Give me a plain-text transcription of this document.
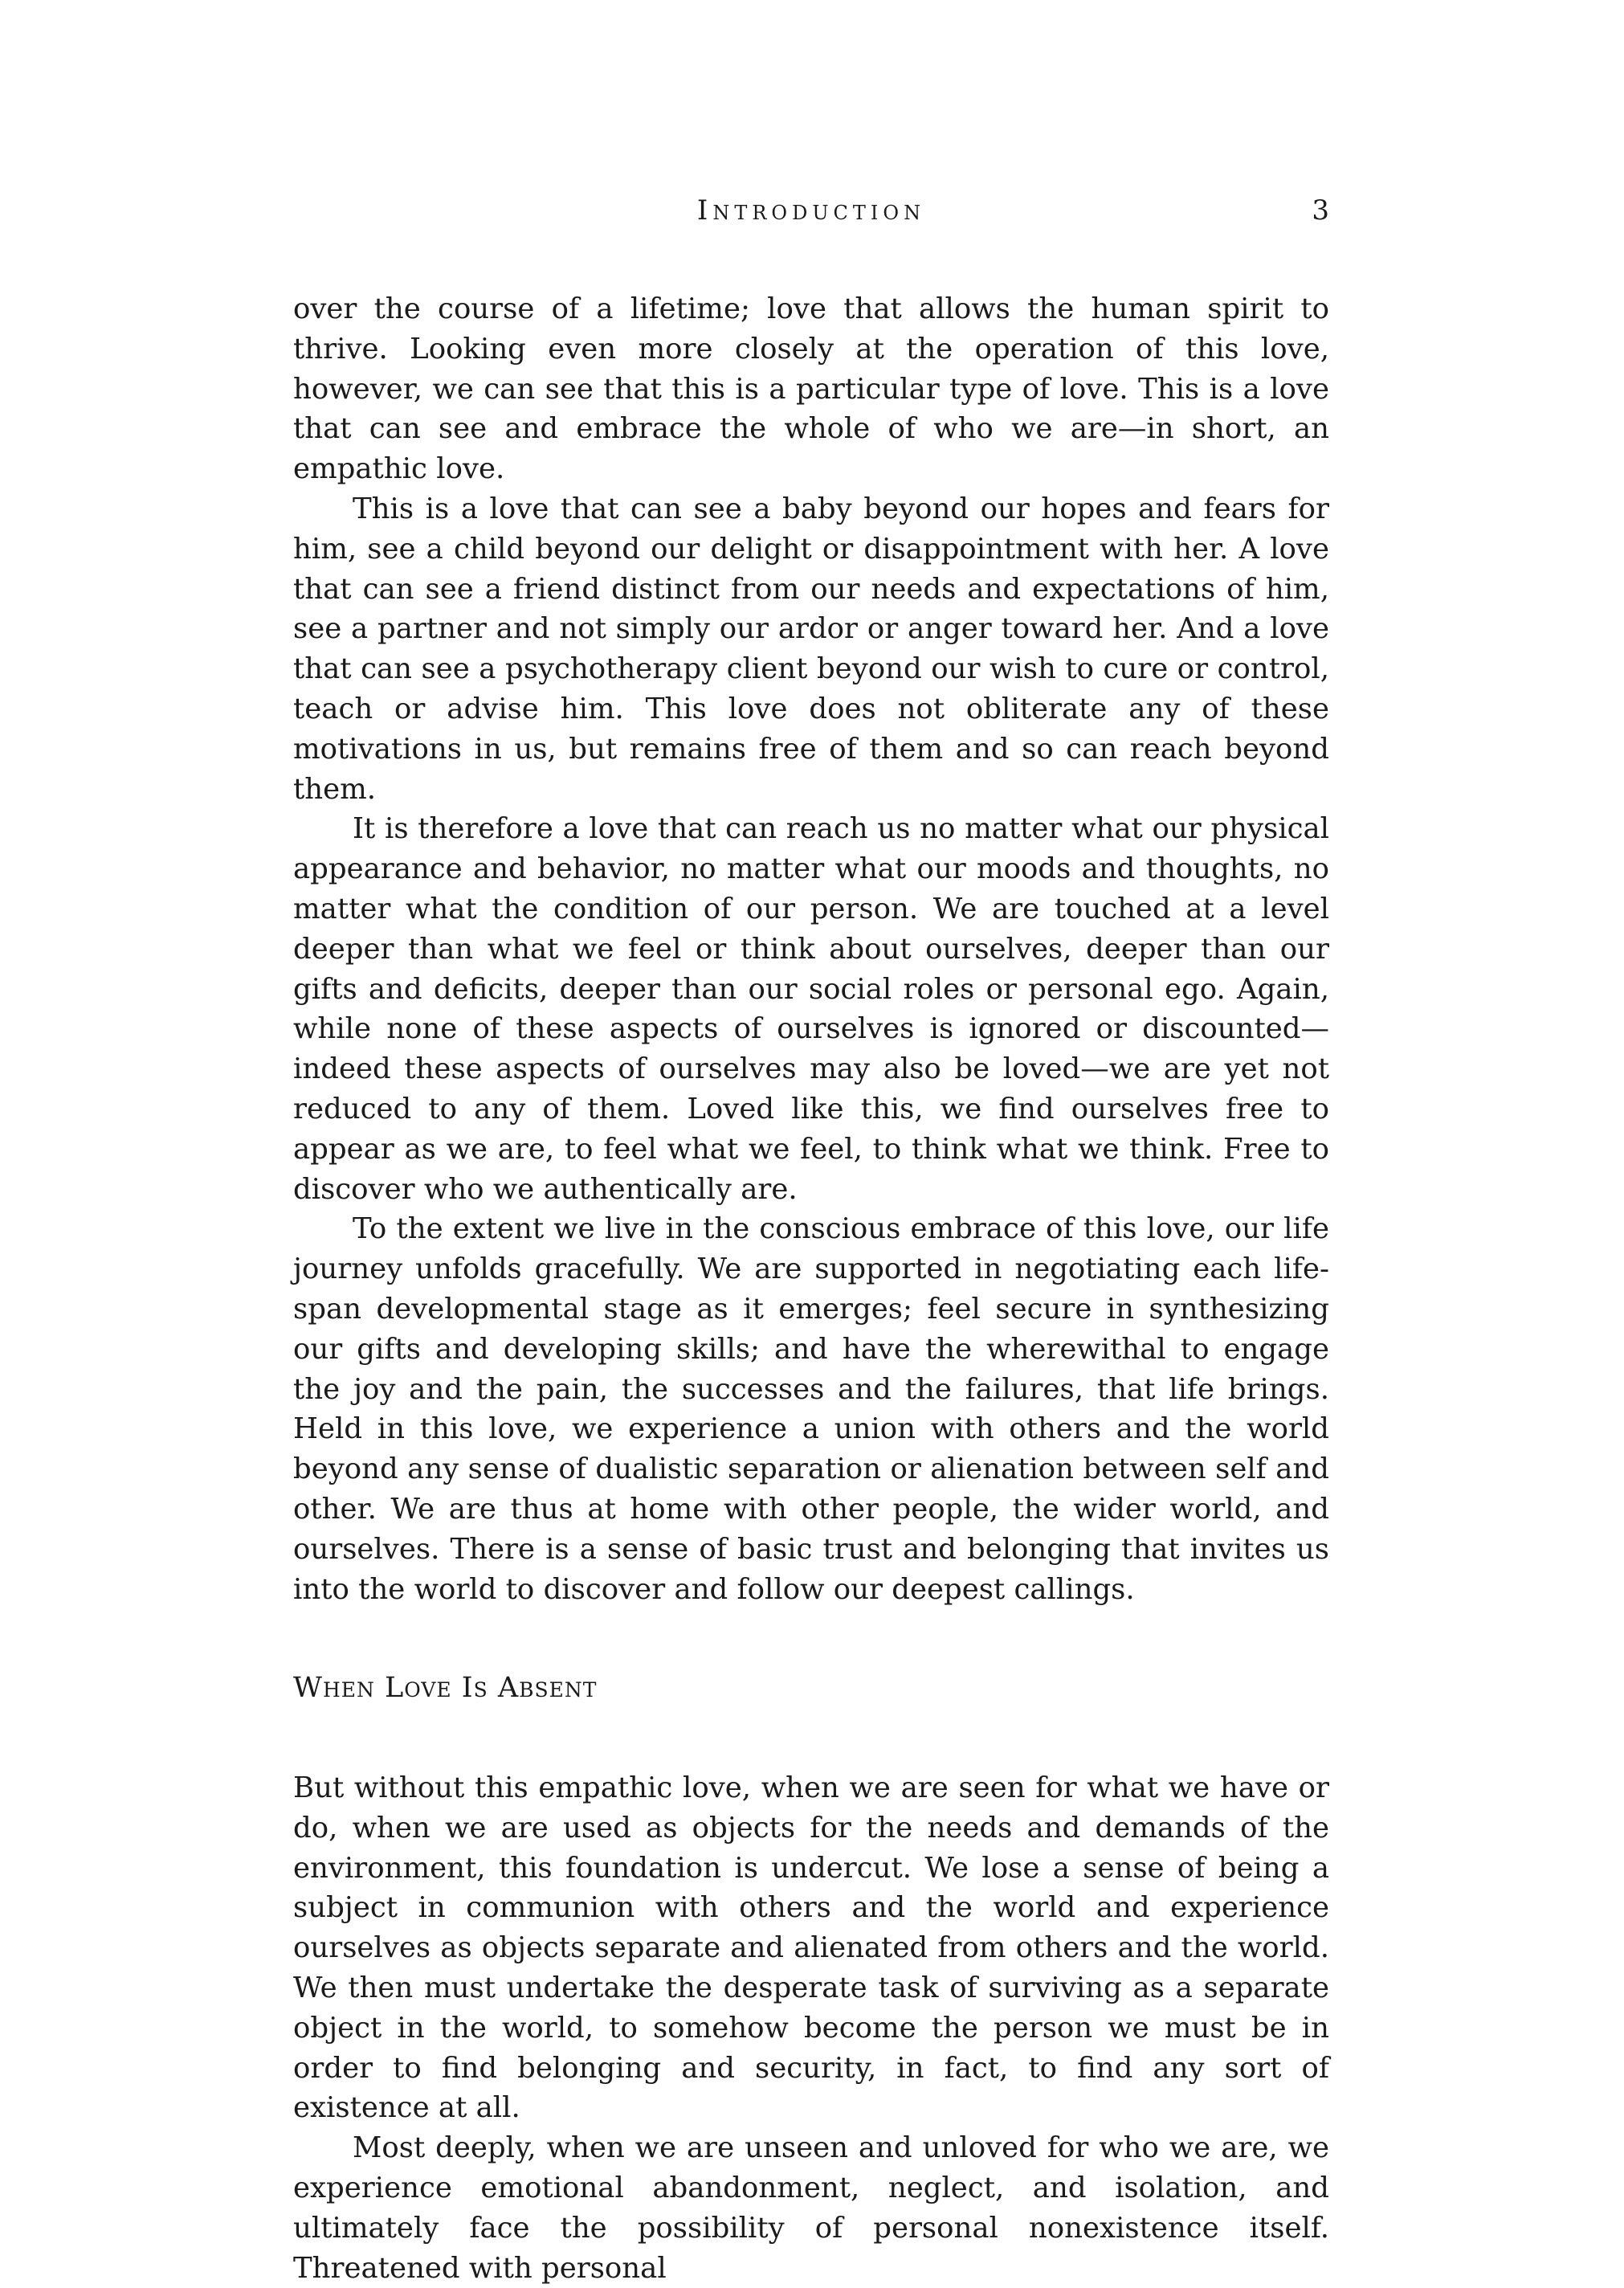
Introduction	3

over the course of a lifetime; love that allows the human spirit to thrive. Looking even more closely at the operation of this love, however, we can see that this is a particular type of love. This is a love that can see and embrace the whole of who we are—in short, an empathic love.

This is a love that can see a baby beyond our hopes and fears for him, see a child beyond our delight or disappointment with her. A love that can see a friend distinct from our needs and expectations of him, see a partner and not simply our ardor or anger toward her. And a love that can see a psychotherapy client beyond our wish to cure or control, teach or advise him. This love does not obliterate any of these motivations in us, but remains free of them and so can reach beyond them.

It is therefore a love that can reach us no matter what our physical appearance and behavior, no matter what our moods and thoughts, no matter what the condition of our person. We are touched at a level deeper than what we feel or think about ourselves, deeper than our gifts and deficits, deeper than our social roles or personal ego. Again, while none of these aspects of ourselves is ignored or discounted—indeed these aspects of ourselves may also be loved—we are yet not reduced to any of them. Loved like this, we find ourselves free to appear as we are, to feel what we feel, to think what we think. Free to discover who we authentically are.

To the extent we live in the conscious embrace of this love, our life journey unfolds gracefully. We are supported in negotiating each life-span developmental stage as it emerges; feel secure in synthesizing our gifts and developing skills; and have the wherewithal to engage the joy and the pain, the successes and the failures, that life brings. Held in this love, we experience a union with others and the world beyond any sense of dualistic separation or alienation between self and other. We are thus at home with other people, the wider world, and ourselves. There is a sense of basic trust and belonging that invites us into the world to discover and follow our deepest callings.

When Love Is Absent

But without this empathic love, when we are seen for what we have or do, when we are used as objects for the needs and demands of the environment, this foundation is undercut. We lose a sense of being a subject in communion with others and the world and experience ourselves as objects separate and alienated from others and the world. We then must undertake the desperate task of surviving as a separate object in the world, to somehow become the person we must be in order to find belonging and security, in fact, to find any sort of existence at all.

Most deeply, when we are unseen and unloved for who we are, we experience emotional abandonment, neglect, and isolation, and ultimately face the possibility of personal nonexistence itself. Threatened with personal
